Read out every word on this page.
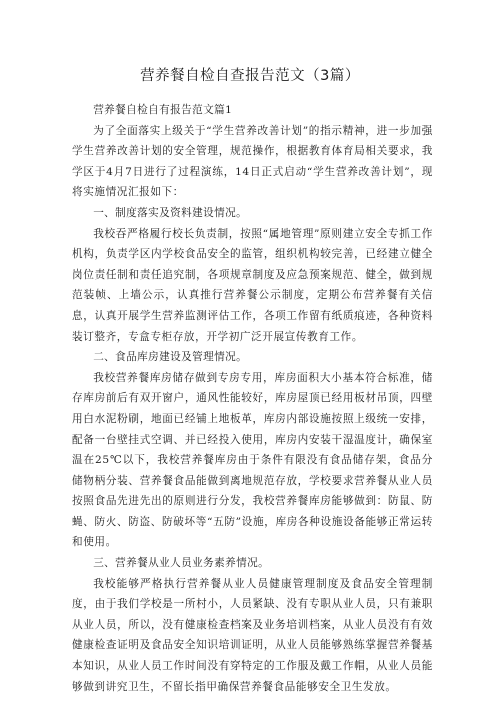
营养餐自检自查报告范文（3篇）

营养餐自检自有报告范文篇1

为了全面落实上级关于“学生营养改善计划”的指示精神，进一步加强学生营养改善计划的安全管理，规范操作，根据教育体育局相关要求，我学区于4月7日进行了过程演练，14日正式启动“学生营养改善计划”，现将实施情况汇报如下：

一、制度落实及资料建设情况。

我校吞严格履行校长负责制，按照“属地管理”原则建立安全专抓工作机构，负责学区内学校食品安全的监管，组织机构较完善，已经建立健全岗位责任制和责任追究制，各项规章制度及应急预案规范、健全，做到规范装帧、上墙公示，认真推行营养餐公示制度，定期公布营养餐有关信息，认真开展学生营养监测评估工作，各项工作留有纸质痕迹，各种资料装订整齐，专盒专柜存放，开学初广泛开展宣传教育工作。

二、食品库房建设及管理情况。

我校营养餐库房储存做到专房专用，库房面积大小基本符合标准，储存库房前后有双开窗户，通风性能较好，库房屋顶已经用板材吊顶，四壁用白水泥粉刷，地面已经铺上地板革，库房内部设施按照上级统一安排，配备一台壁挂式空调、并已经投入使用，库房内安装干湿温度计，确保室温在25℃以下，我校营养餐库房由于条件有限没有食品储存架，食品分储物柄分装、营养餐食品能做到离地规范存放，学校要求营养餐从业人员按照食品先进先出的原则进行分发，我校营养餐库房能够做到：防鼠、防蝇、防火、防盗、防破坏等“五防”设施，库房各种设施设备能够正常运转和使用。

三、营养餐从业人员业务素养情况。

我校能够严格执行营养餐从业人员健康管理制度及食品安全管理制度，由于我们学校是一所村小，人员紧缺、没有专职从业人员，只有兼职从业人员，所以，没有健康检查档案及业务培训档案，从业人员没有有效健康检查证明及食品安全知识培训证明，从业人员能够熟练掌握营养餐基本知识，从业人员工作时间没有穿特定的工作服及戴工作帽，从业人员能够做到讲究卫生，不留长指甲确保营养餐食品能够安全卫生发放。
